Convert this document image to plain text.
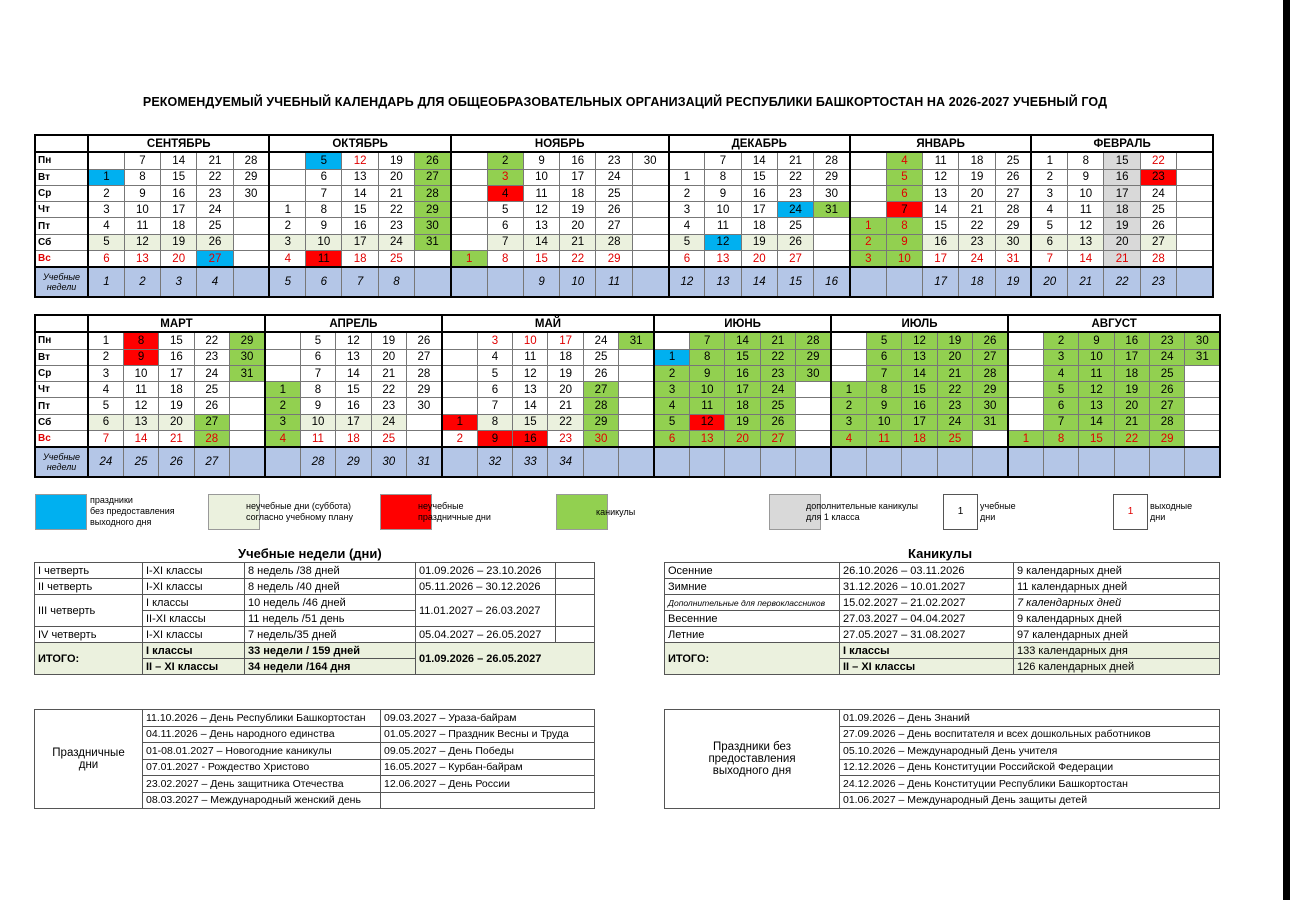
РЕКОМЕНДУЕМЫЙ УЧЕБНЫЙ КАЛЕНДАРЬ ДЛЯ ОБЩЕОБРАЗОВАТЕЛЬНЫХ ОРГАНИЗАЦИЙ РЕСПУБЛИКИ БАШКОРТОСТАН НА 2026-2027 УЧЕБНЫЙ ГОД
	СЕНТЯБРЬ					ОКТЯБРЬ					НОЯБРЬ						ДЕКАБРЬ					ЯНВАРЬ					ФЕВРАЛЬ				
Пн		7	14	21	28		5	12	19	26		2	9	16	23	30		7	14	21	28		4	11	18	25	1	8	15	22	
Вт	1	8	15	22	29		6	13	20	27		3	10	17	24		1	8	15	22	29		5	12	19	26	2	9	16	23	
Ср	2	9	16	23	30		7	14	21	28		4	11	18	25		2	9	16	23	30		6	13	20	27	3	10	17	24	
Чт	3	10	17	24		1	8	15	22	29		5	12	19	26		3	10	17	24	31		7	14	21	28	4	11	18	25	
Пт	4	11	18	25		2	9	16	23	30		6	13	20	27		4	11	18	25		1	8	15	22	29	5	12	19	26	
Сб	5	12	19	26		3	10	17	24	31		7	14	21	28		5	12	19	26		2	9	16	23	30	6	13	20	27	
Вс	6	13	20	27		4	11	18	25		1	8	15	22	29		6	13	20	27		3	10	17	24	31	7	14	21	28	
Учебные недели	1	2	3	4		5	6	7	8				9	10	11		12	13	14	15	16			17	18	19	20	21	22	23	
	МАРТ					АПРЕЛЬ					МАЙ						ИЮНЬ					ИЮЛЬ					АВГУСТ					
Пн	1	8	15	22	29		5	12	19	26		3	10	17	24	31		7	14	21	28		5	12	19	26		2	9	16	23	30
Вт	2	9	16	23	30		6	13	20	27		4	11	18	25		1	8	15	22	29		6	13	20	27		3	10	17	24	31
Ср	3	10	17	24	31		7	14	21	28		5	12	19	26		2	9	16	23	30		7	14	21	28		4	11	18	25	
Чт	4	11	18	25		1	8	15	22	29		6	13	20	27		3	10	17	24		1	8	15	22	29		5	12	19	26	
Пт	5	12	19	26		2	9	16	23	30		7	14	21	28		4	11	18	25		2	9	16	23	30		6	13	20	27	
Сб	6	13	20	27		3	10	17	24		1	8	15	22	29		5	12	19	26		3	10	17	24	31		7	14	21	28	
Вс	7	14	21	28		4	11	18	25		2	9	16	23	30		6	13	20	27		4	11	18	25		1	8	15	22	29	
Учебные недели	24	25	26	27			28	29	30	31		32	33	34																		
праздники
без предоставления
выходного дня
неучебные дни (суббота)
согласно учебному плану
неучебные
праздничные дни	каникулы
дополнительные каникулы
для 1 класса	1	учебные
дни	1	выходные
дни
Учебные недели (дни)	Каникулы
I четверть	I-XI классы	8 недель /38 дней	01.09.2026 – 23.10.2026	
II четверть	I-XI классы	8 недель /40 дней	05.11.2026 – 30.12.2026	
III четверть	I классы	10 недель /46 дней	11.01.2027 – 26.03.2027	
	II-XI классы	11 недель /51 день		
IV четверть	I-XI классы	7 недель/35 дней	05.04.2027 – 26.05.2027	
ИТОГО:	I классы	33 недели / 159 дней	01.09.2026 – 26.05.2027	
	II – XI классы	34 недели /164 дня		
Осенние	26.10.2026 – 03.11.2026	9 календарных дней
Зимние	31.12.2026 – 10.01.2027	11 календарных дней
Дополнительные для первоклассников	15.02.2027 – 21.02.2027	7 календарных дней
Весенние	27.03.2027 – 04.04.2027	9 календарных дней
Летние	27.05.2027 – 31.08.2027	97 календарных дней
ИТОГО:	I классы	133 календарных дня
	II – XI классы	126 календарных дней
Праздничные дни	11.10.2026 – День Республики Башкортостан	09.03.2027 – Ураза-байрам
	04.11.2026 – День народного единства	01.05.2027 – Праздник Весны и Труда
	01-08.01.2027 – Новогодние каникулы	09.05.2027 – День Победы
	07.01.2027 - Рождество Христово	16.05.2027 – Курбан-байрам
	23.02.2027 – День защитника Отечества	12.06.2027 – День России
	08.03.2027 – Международный женский день	
Праздники без предоставления выходного дня	01.09.2026 – День Знаний
27.09.2026 – День воспитателя и всех дошкольных работников
05.10.2026 – Международный День учителя
12.12.2026 – День Конституции Российской Федерации
24.12.2026 – День Конституции Республики Башкортостан
01.06.2027 – Международный День защиты детей
